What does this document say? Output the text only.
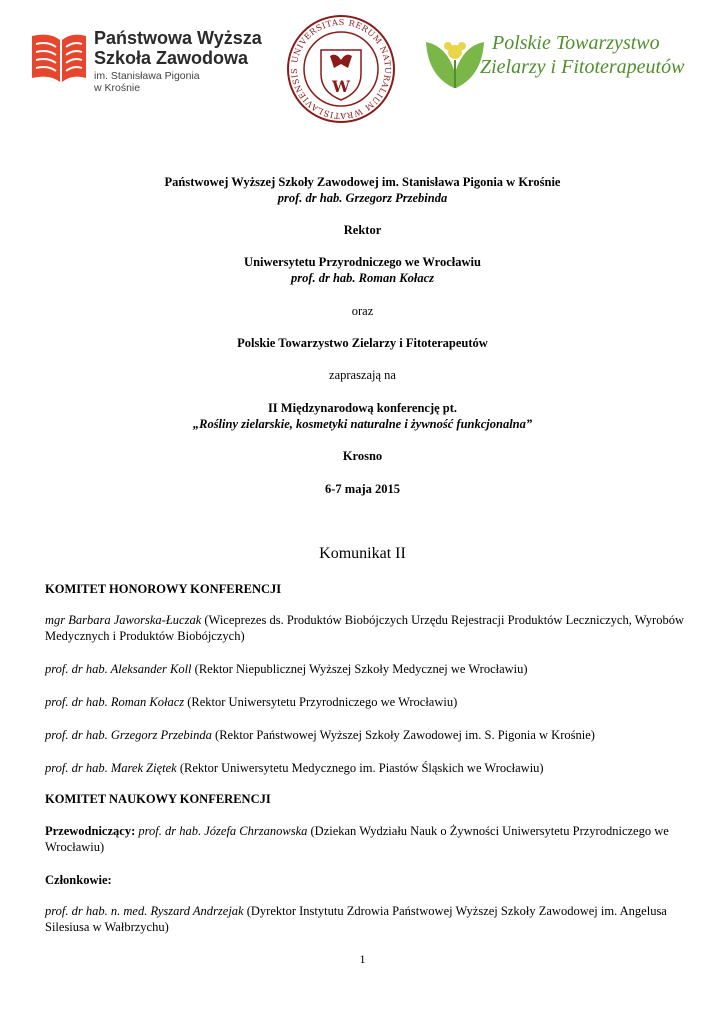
Państwowa Wyższa
Szkoła Zawodowa
im. Stanisława Pigonia
w Krośnie
UNIVERSITAS RERUM NATURALIUM WRATISLAVIENSIS
W
Polskie Towarzystwo
Zielarzy i Fitoterapeutów
Państwowej Wyższej Szkoły Zawodowej im. Stanisława Pigonia w Krośnie
prof. dr hab. Grzegorz Przebinda
Rektor
Uniwersytetu Przyrodniczego we Wrocławiu
prof. dr hab. Roman Kołacz
oraz
Polskie Towarzystwo Zielarzy i Fitoterapeutów
zapraszają na
II Międzynarodową konferencję pt.
„Rośliny zielarskie, kosmetyki naturalne i żywność funkcjonalna”
Krosno
6-7 maja 2015
Komunikat II
KOMITET HONOROWY KONFERENCJI
mgr Barbara Jaworska-Łuczak (Wiceprezes ds. Produktów Biobójczych Urzędu Rejestracji Produktów Leczniczych, Wyrobów Medycznych i Produktów Biobójczych)
prof. dr hab. Aleksander Koll (Rektor Niepublicznej Wyższej Szkoły Medycznej we Wrocławiu)
prof. dr hab. Roman Kołacz (Rektor Uniwersytetu Przyrodniczego we Wrocławiu)
prof. dr hab. Grzegorz Przebinda (Rektor Państwowej Wyższej Szkoły Zawodowej im. S. Pigonia w Krośnie)
prof. dr hab. Marek Ziętek (Rektor Uniwersytetu Medycznego im. Piastów Śląskich we Wrocławiu)
KOMITET NAUKOWY KONFERENCJI
Przewodniczący: prof. dr hab. Józefa Chrzanowska (Dziekan Wydziału Nauk o Żywności Uniwersytetu Przyrodniczego we Wrocławiu)
Członkowie:
prof. dr hab. n. med. Ryszard Andrzejak (Dyrektor Instytutu Zdrowia Państwowej Wyższej Szkoły Zawodowej im. Angelusa Silesiusa w Wałbrzychu)
1
